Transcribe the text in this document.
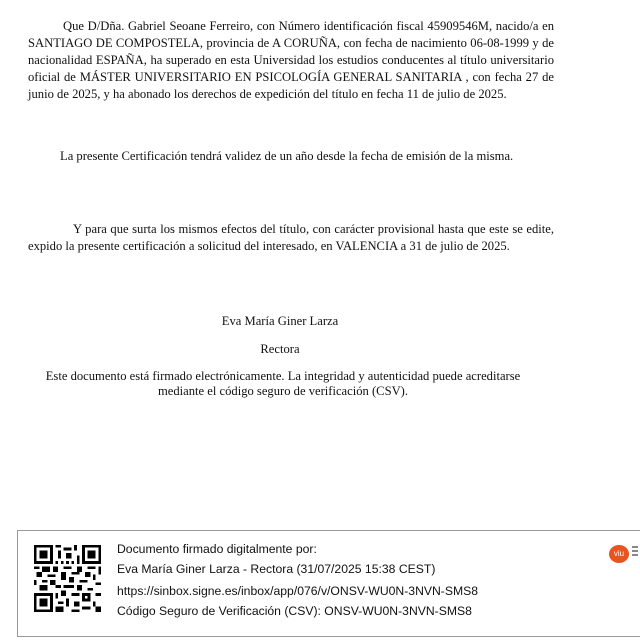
Que D/Dña. Gabriel Seoane Ferreiro, con Número identificación fiscal 45909546M, nacido/a en SANTIAGO DE COMPOSTELA, provincia de A CORUÑA, con fecha de nacimiento 06-08-1999 y de nacionalidad ESPAÑA, ha superado en esta Universidad los estudios conducentes al título universitario oficial de MÁSTER UNIVERSITARIO EN PSICOLOGÍA GENERAL SANITARIA , con fecha 27 de junio de 2025, y ha abonado los derechos de expedición del título en fecha 11 de julio de 2025.
La presente Certificación tendrá validez de un año desde la fecha de emisión de la misma.
Y para que surta los mismos efectos del título, con carácter provisional hasta que este se edite, expido la presente certificación a solicitud del interesado, en VALENCIA a 31 de julio de 2025.
Eva María Giner Larza
Rectora
Este documento está firmado electrónicamente. La integridad y autenticidad puede acreditarse
mediante el código seguro de verificación (CSV).
Documento firmado digitalmente por:
Eva María Giner Larza - Rectora (31/07/2025 15:38 CEST)
https://sinbox.signe.es/inbox/app/076/v/ONSV-WU0N-3NVN-SMS8
Código Seguro de Verificación (CSV): ONSV-WU0N-3NVN-SMS8
viu
